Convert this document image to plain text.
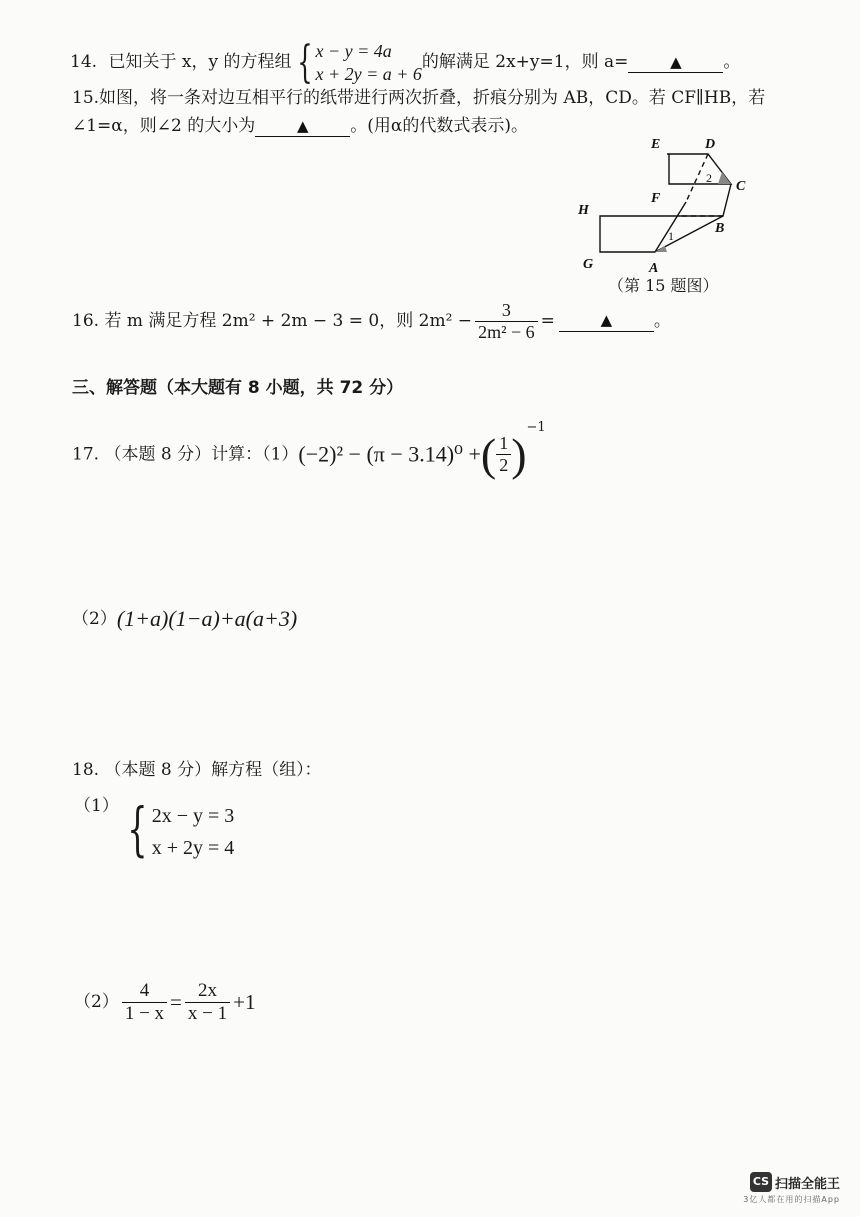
14. 已知关于 x，y 的方程组 { x − y = 4a
x + 2y = a + 6
的解满足 2x+y=1，则 a=	▲ 。
15.如图，将一条对边互相平行的纸带进行两次折叠，折痕分别为 AB，CD。若 CF∥HB，若
∠1=α，则∠2 的大小为	▲ 。(用α的代数式表示)。
E	D
C
F
H
B
G	A
1
2
（第 15 题图）
16. 若 m 满足方程 2m² + 2m − 3 = 0，则 $2m^2 - \frac{3}{\text{2m² − 6}}$ =	▲ 。
三、解答题（本大题有 8 小题，共 72 分）
17. （本题 8 分）计算：（1）(−2)² − (π − 3.14)⁰ +( $\frac{1}{2} )^{-1}$
（2）(1+a)(1−a)+a(a+3)
18. （本题 8 分）解方程（组）：
（1） { 2x − y = 3
x + 2y = 4
$(2) \frac{4}{1 - x} = \frac{2x}{x - 1} +1$
CS 扫描全能王
3亿人都在用的扫描App
